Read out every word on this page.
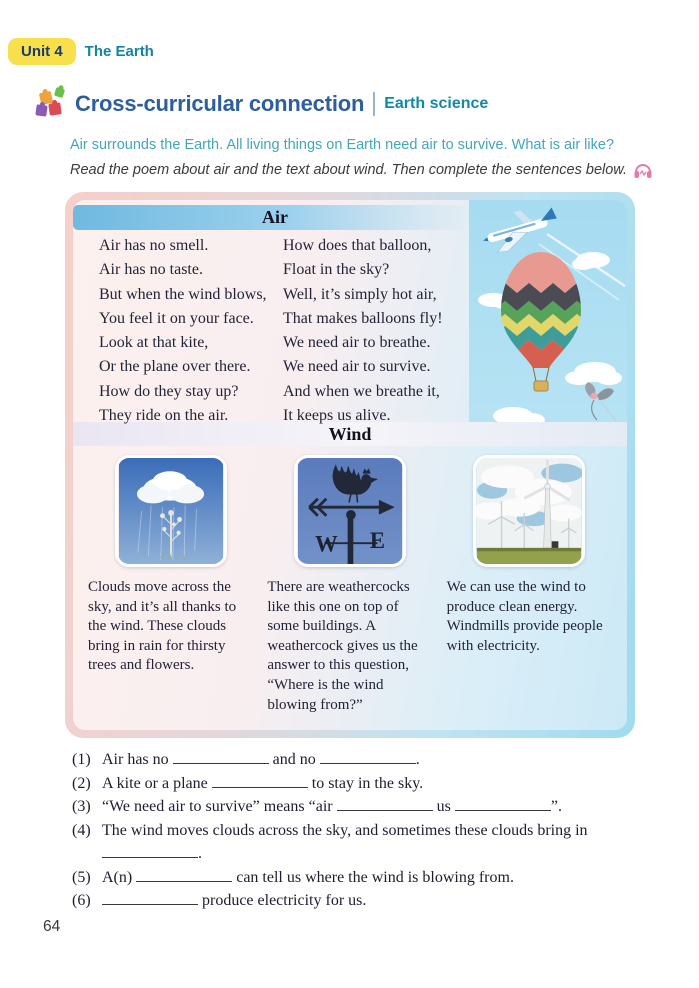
Unit 4	The Earth
Cross-curricular connection Earth science

Air surrounds the Earth. All living things on Earth need air to survive. What is air like?

Read the poem about air and the text about wind. Then complete the sentences below.

Air
Air has no smell.
Air has no taste.
But when the wind blows,
You feel it on your face.
Look at that kite,
Or the plane over there.
How do they stay up?
They ride on the air.
How does that balloon,
Float in the sky?
Well, it’s simply hot air,
That makes balloons fly!
We need air to breathe.
We need air to survive.
And when we breathe it,
It keeps us alive.
Wind

Clouds move across the sky, and it’s all thanks to the wind. These clouds bring in rain for thirsty trees and flowers.

W E

There are weathercocks like this one on top of some buildings. A weathercock gives us the answer to this question, “Where is the wind blowing from?”

We can use the wind to produce clean energy. Windmills provide people with electricity.

(1) Air has no	and no	.
(2) A kite or a plane	to stay in the sky.
(3) “We need air to survive” means “air	us	”.
(4) The wind moves clouds across the sky, and sometimes these clouds bring in .
(5) A(n)	can tell us where the wind is blowing from.
(6)	produce electricity for us.
64
